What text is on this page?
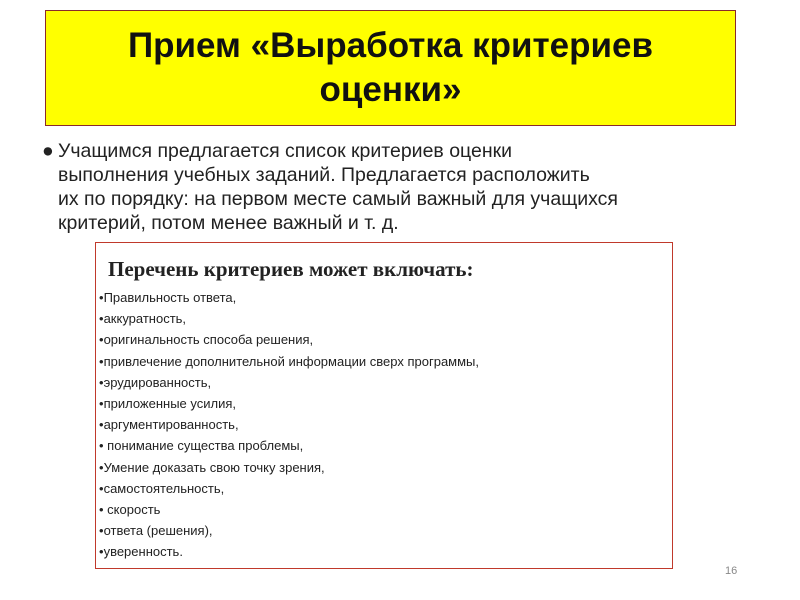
Прием «Выработка критериев оценки»
● Учащимся предлагается список критериев оценки
выполнения учебных заданий. Предлагается расположить
их по порядку: на первом месте самый важный для учащихся
критерий, потом менее важный и т. д.
Перечень критериев может включать:
•Правильность ответа,
•аккуратность,
•оригинальность способа решения,
•привлечение дополнительной информации сверх программы,
•эрудированность,
•приложенные усилия,
•аргументированность,
• понимание существа проблемы,
•Умение доказать свою точку зрения,
•самостоятельность,
• скорость
•ответа (решения),
•уверенность.
16
